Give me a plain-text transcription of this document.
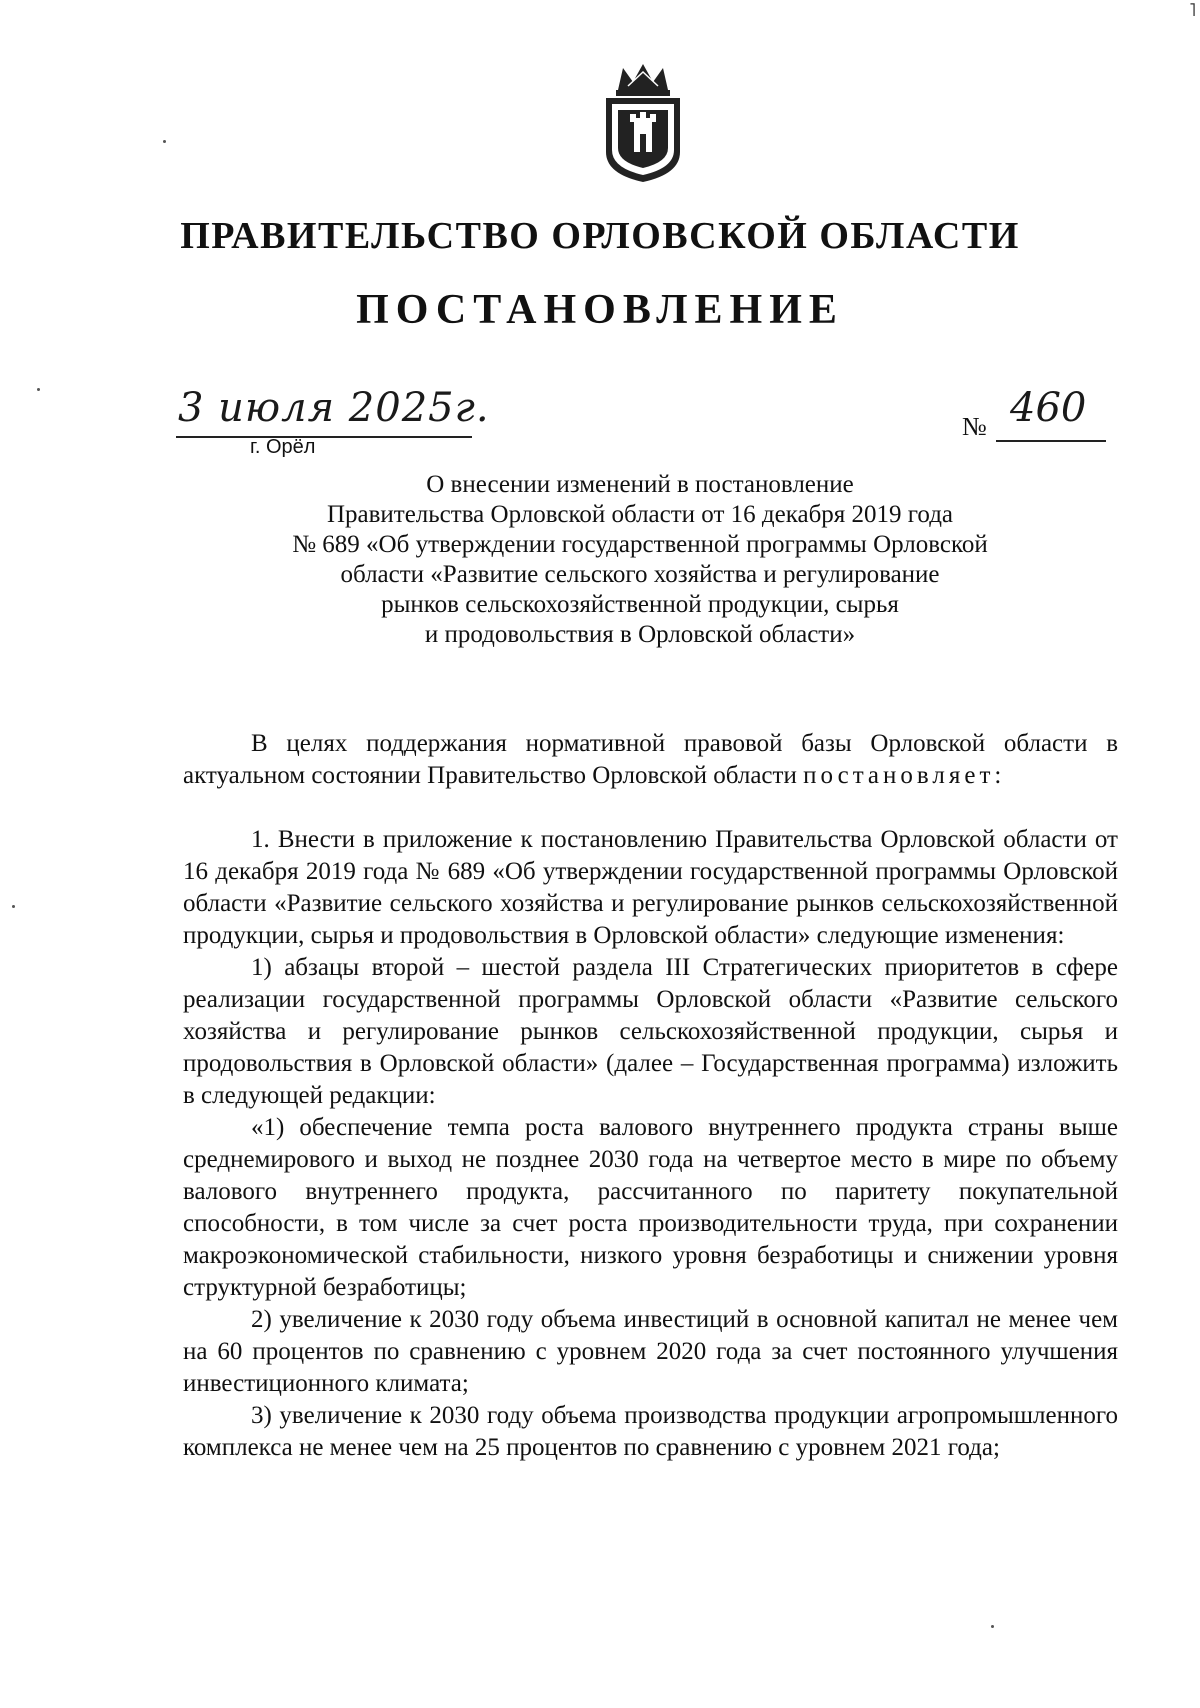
˥
ПРАВИТЕЛЬСТВО ОРЛОВСКОЙ ОБЛАСТИ
ПОСТАНОВЛЕНИЕ
3 июля 2025г.
г. Орёл
№ 460
О внесении изменений в постановление
Правительства Орловской области от 16 декабря 2019 года
№ 689 «Об утверждении государственной программы Орловской
области «Развитие сельского хозяйства и регулирование
рынков сельскохозяйственной продукции, сырья
и продовольствия в Орловской области»

В целях поддержания нормативной правовой базы Орловской области в актуальном состоянии Правительство Орловской области постановляет:

1. Внести в приложение к постановлению Правительства Орловской области от 16 декабря 2019 года № 689 «Об утверждении государственной программы Орловской области «Развитие сельского хозяйства и регулирование рынков сельскохозяйственной продукции, сырья и продовольствия в Орловской области» следующие изменения:

1) абзацы второй – шестой раздела III Стратегических приоритетов в сфере реализации государственной программы Орловской области «Развитие сельского хозяйства и регулирование рынков сельскохозяйственной продукции, сырья и продовольствия в Орловской области» (далее – Государственная программа) изложить в следующей редакции:

«1) обеспечение темпа роста валового внутреннего продукта страны выше среднемирового и выход не позднее 2030 года на четвертое место в мире по объему валового внутреннего продукта, рассчитанного по паритету покупательной способности, в том числе за счет роста производительности труда, при сохранении макроэкономической стабильности, низкого уровня безработицы и снижении уровня структурной безработицы;

2) увеличение к 2030 году объема инвестиций в основной капитал не менее чем на 60 процентов по сравнению с уровнем 2020 года за счет постоянного улучшения инвестиционного климата;

3) увеличение к 2030 году объема производства продукции агропромышленного комплекса не менее чем на 25 процентов по сравнению с уровнем 2021 года;
